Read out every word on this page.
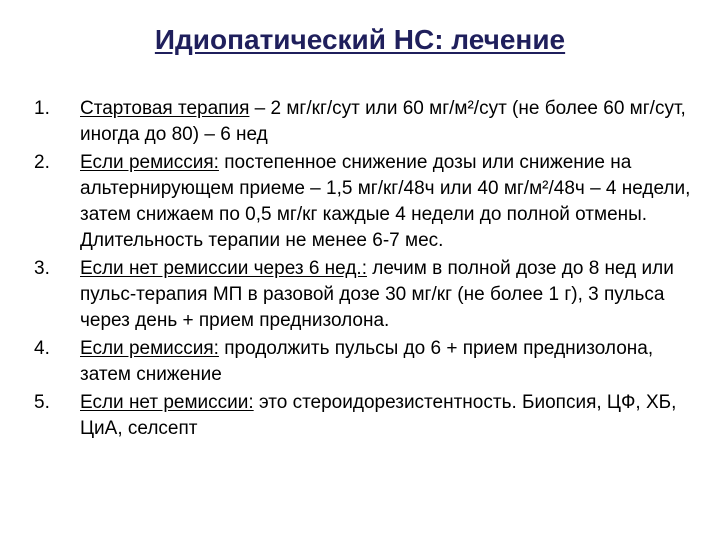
Идиопатический НС: лечение
1.	Стартовая терапия – 2 мг/кг/сут или 60 мг/м²/сут (не более 60 мг/сут, иногда до 80) – 6 нед
2.	Если ремиссия: постепенное снижение дозы или снижение на альтернирующем приеме – 1,5 мг/кг/48ч или 40 мг/м²/48ч – 4 недели, затем снижаем по 0,5 мг/кг каждые 4 недели до полной отмены. Длительность терапии не менее 6-7 мес.
3.	Если нет ремиссии через 6 нед.: лечим в полной дозе до 8 нед или пульс-терапия МП в разовой дозе 30 мг/кг (не более 1 г), 3 пульса через день + прием преднизолона.
4.	Если ремиссия: продолжить пульсы до 6 + прием преднизолона, затем снижение
5.	Если нет ремиссии: это стероидорезистентность. Биопсия, ЦФ, ХБ, ЦиА, селсепт
